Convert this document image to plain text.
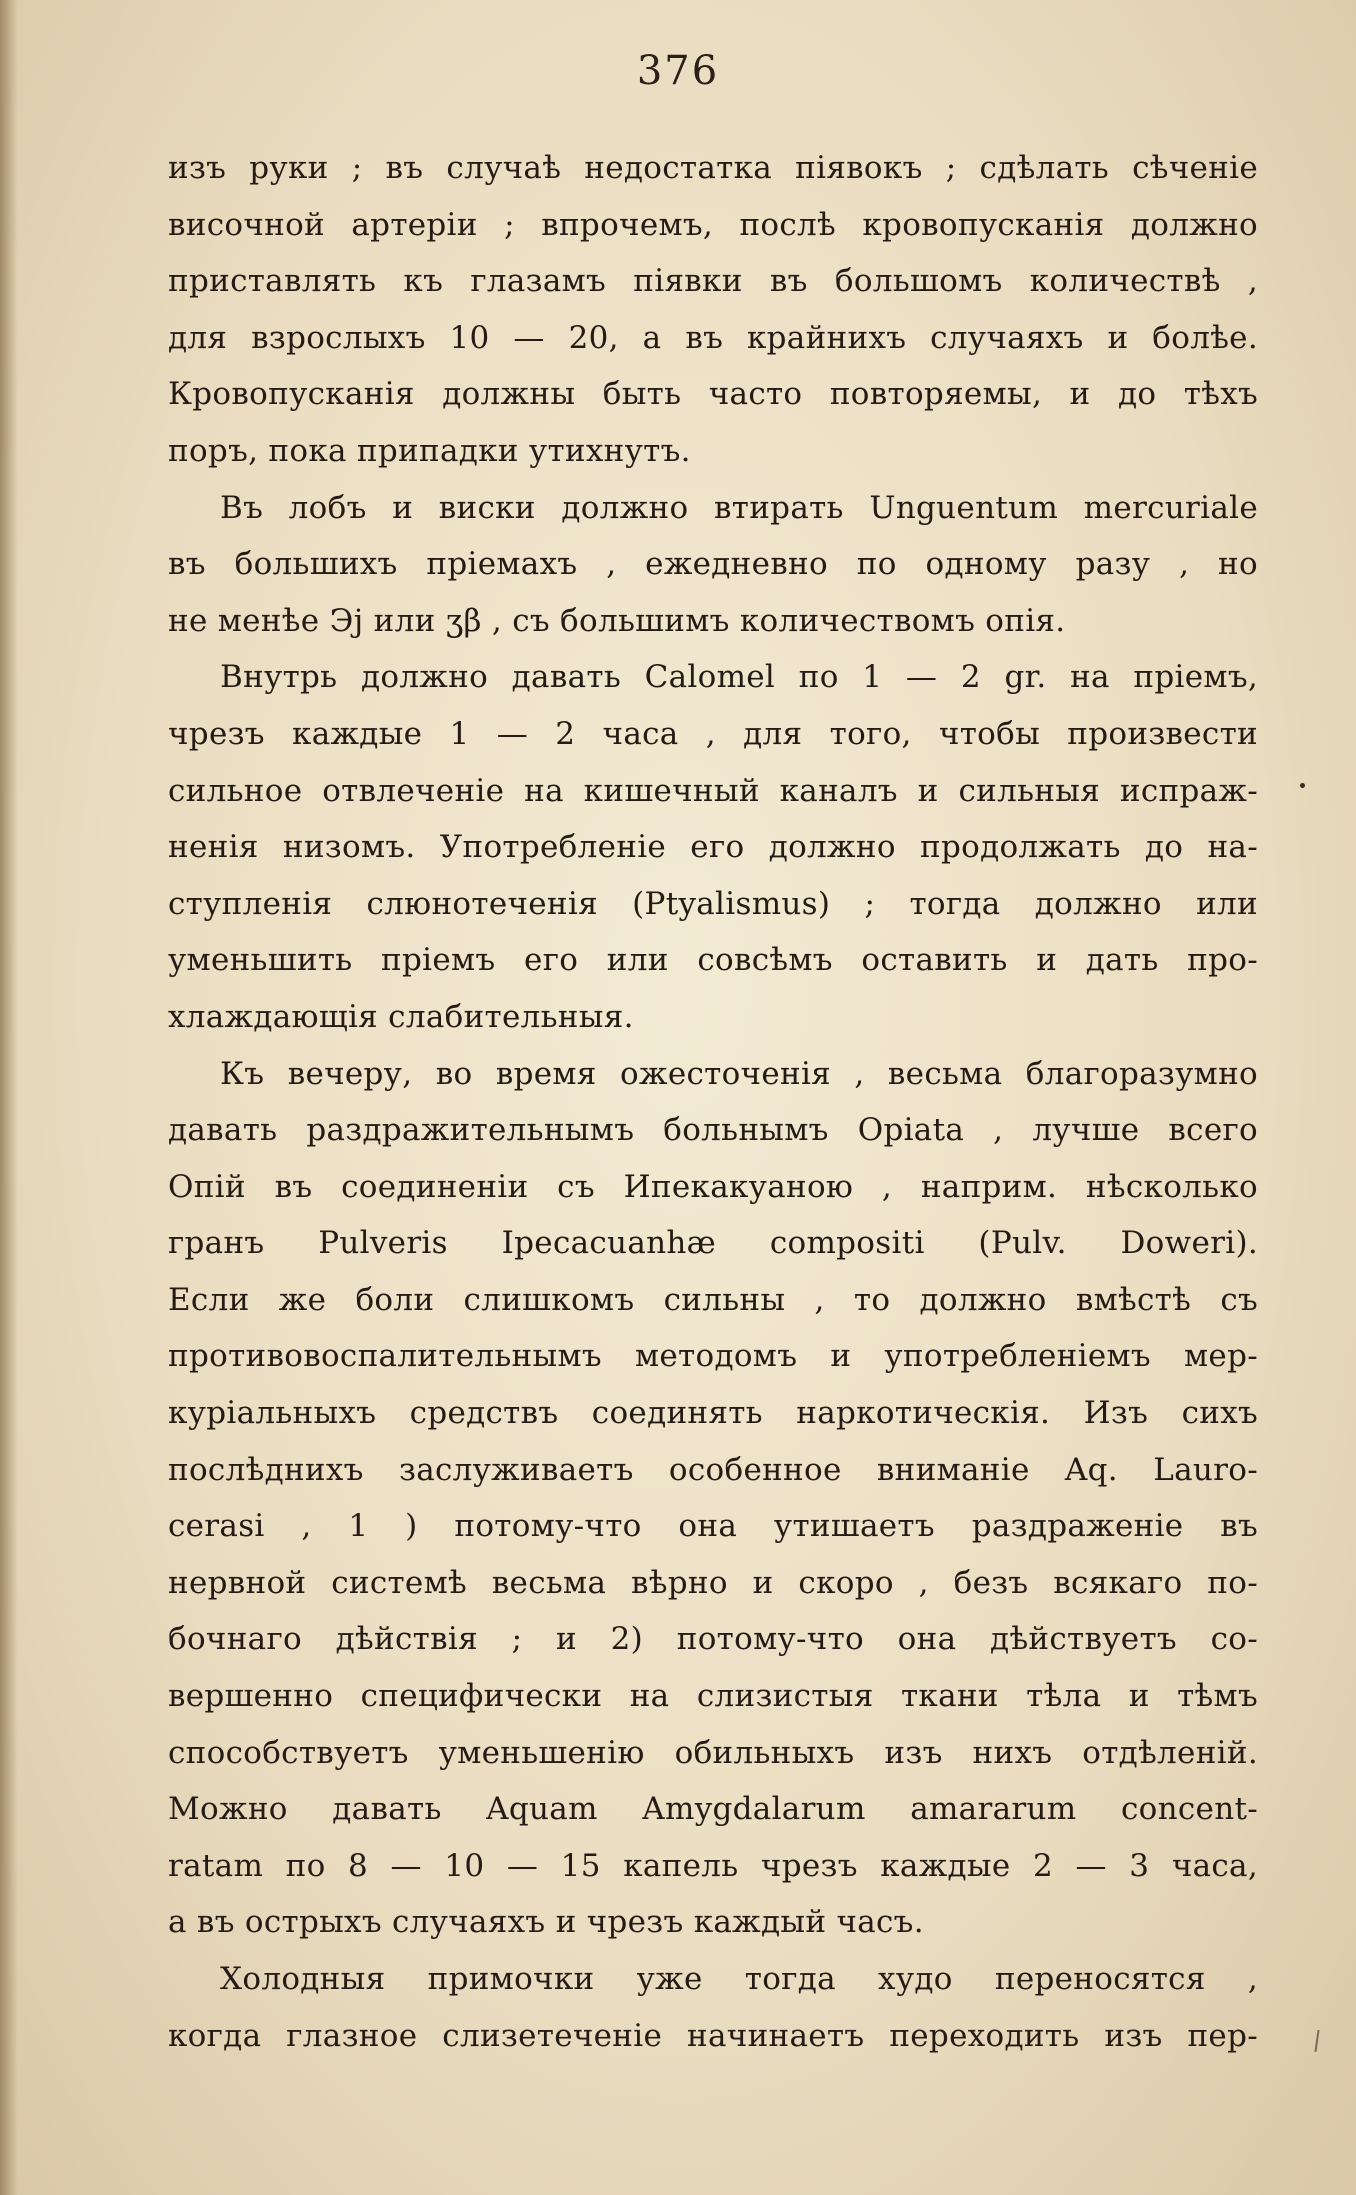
376
изъ руки ; въ случаѣ недостатка піявокъ ; сдѣлать сѣченіе
височной артеріи ; впрочемъ, послѣ кровопусканія должно
приставлять къ глазамъ піявки въ большомъ количествѣ ,
для взрослыхъ 10 — 20, а въ крайнихъ случаяхъ и болѣе.
Кровопусканія должны быть часто повторяемы, и до тѣхъ
поръ, пока припадки утихнутъ.
Въ лобъ и виски должно втирать Unguentum mercuriale
въ большихъ пріемахъ , ежедневно по одному разу , но
не менѣе Эj или ʒβ , съ большимъ количествомъ опія.
Внутрь должно давать Calomel по 1 — 2 gr. на пріемъ,
чрезъ каждые 1 — 2 часа , для того, чтобы произвести
сильное отвлеченіе на кишечный каналъ и сильныя испраж-
ненія низомъ. Употребленіе его должно продолжать до на-
ступленія слюнотеченія (Ptyalismus) ; тогда должно или
уменьшить пріемъ его или совсѣмъ оставить и дать про-
хлаждающія слабительныя.
Къ вечеру, во время ожесточенія , весьма благоразумно
давать раздражительнымъ больнымъ Opiata , лучше всего
Опій въ соединеніи съ Ипекакуаною , наприм. нѣсколько
гранъ Pulveris Ipecacuanhæ compositi (Pulv. Doweri).
Если же боли слишкомъ сильны , то должно вмѣстѣ съ
противовоспалительнымъ методомъ и употребленіемъ мер-
куріальныхъ средствъ соединять наркотическія. Изъ сихъ
послѣднихъ заслуживаетъ особенное вниманіе Aq. Lauro-
cerasi , 1 ) потому-что она утишаетъ раздраженіе въ
нервной системѣ весьма вѣрно и скоро , безъ всякаго по-
бочнаго дѣйствія ; и 2) потому-что она дѣйствуетъ со-
вершенно специфически на слизистыя ткани тѣла и тѣмъ
способствуетъ уменьшенію обильныхъ изъ нихъ отдѣленій.
Можно давать Aquam Amygdalarum amararum concent-
ratam по 8 — 10 — 15 капель чрезъ каждые 2 — 3 часа,
а въ острыхъ случаяхъ и чрезъ каждый часъ.
Холодныя примочки уже тогда худо переносятся ,
когда глазное слизетеченіе начинаетъ переходить изъ пер-
